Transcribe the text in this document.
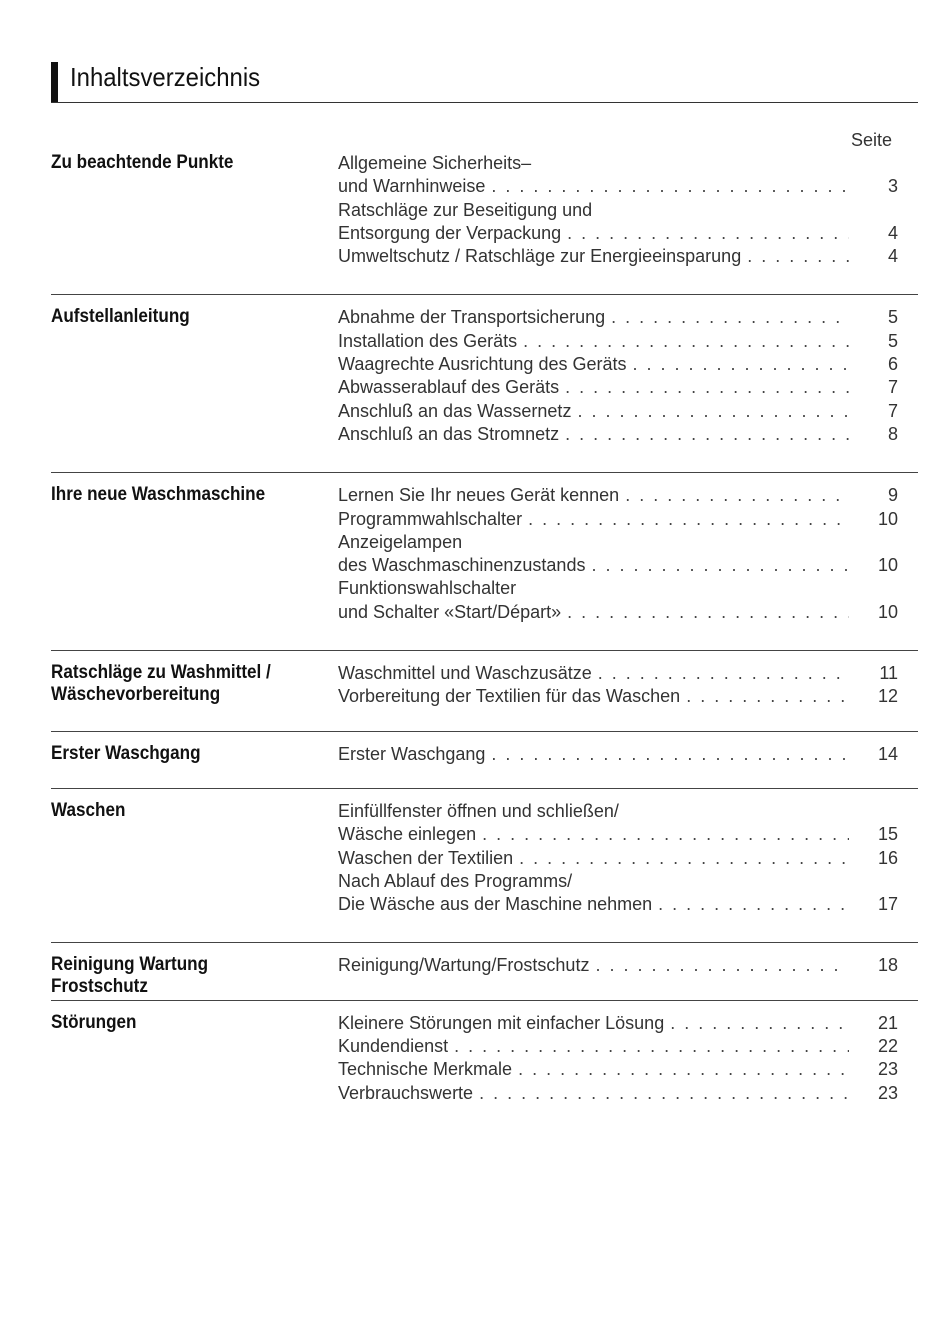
Inhaltsverzeichnis
Seite
Zu beachtende Punkte	Allgemeine Sicherheits–
und Warnhinweise . . .	3
Ratschläge zur Beseitigung und
Entsorgung der Verpackung . . .	4
Umweltschutz / Ratschläge zur Energieeinsparung . . .	4
Aufstellanleitung	Abnahme der Transportsicherung . . .	5
Installation des Geräts . . .	5
Waagrechte Ausrichtung des Geräts . . .	6
Abwasserablauf des Geräts . . .	7
Anschluß an das Wassernetz . . .	7
Anschluß an das Stromnetz . . .	8
Ihre neue Waschmaschine	Lernen Sie Ihr neues Gerät kennen . . .	9
Programmwahlschalter . . .	10
Anzeigelampen
des Waschmaschinenzustands . . .	10
Funktionswahlschalter
und Schalter «Start/Départ» . . .	10
Ratschläge zu Washmittel /
Wäschevorbereitung
Waschmittel und Waschzusätze . . .	11
Vorbereitung der Textilien für das Waschen . . .	12
Erster Waschgang	Erster Waschgang . . .	14
Waschen	Einfüllfenster öffnen und schließen/
Wäsche einlegen . . .	15
Waschen der Textilien . . .	16
Nach Ablauf des Programms/
Die Wäsche aus der Maschine nehmen . . .	17
Reinigung Wartung
Frostschutz
Reinigung/Wartung/Frostschutz . . .	18
Störungen	Kleinere Störungen mit einfacher Lösung . . .	21
Kundendienst . . .	22
Technische Merkmale . . .	23
Verbrauchswerte . . .	23
